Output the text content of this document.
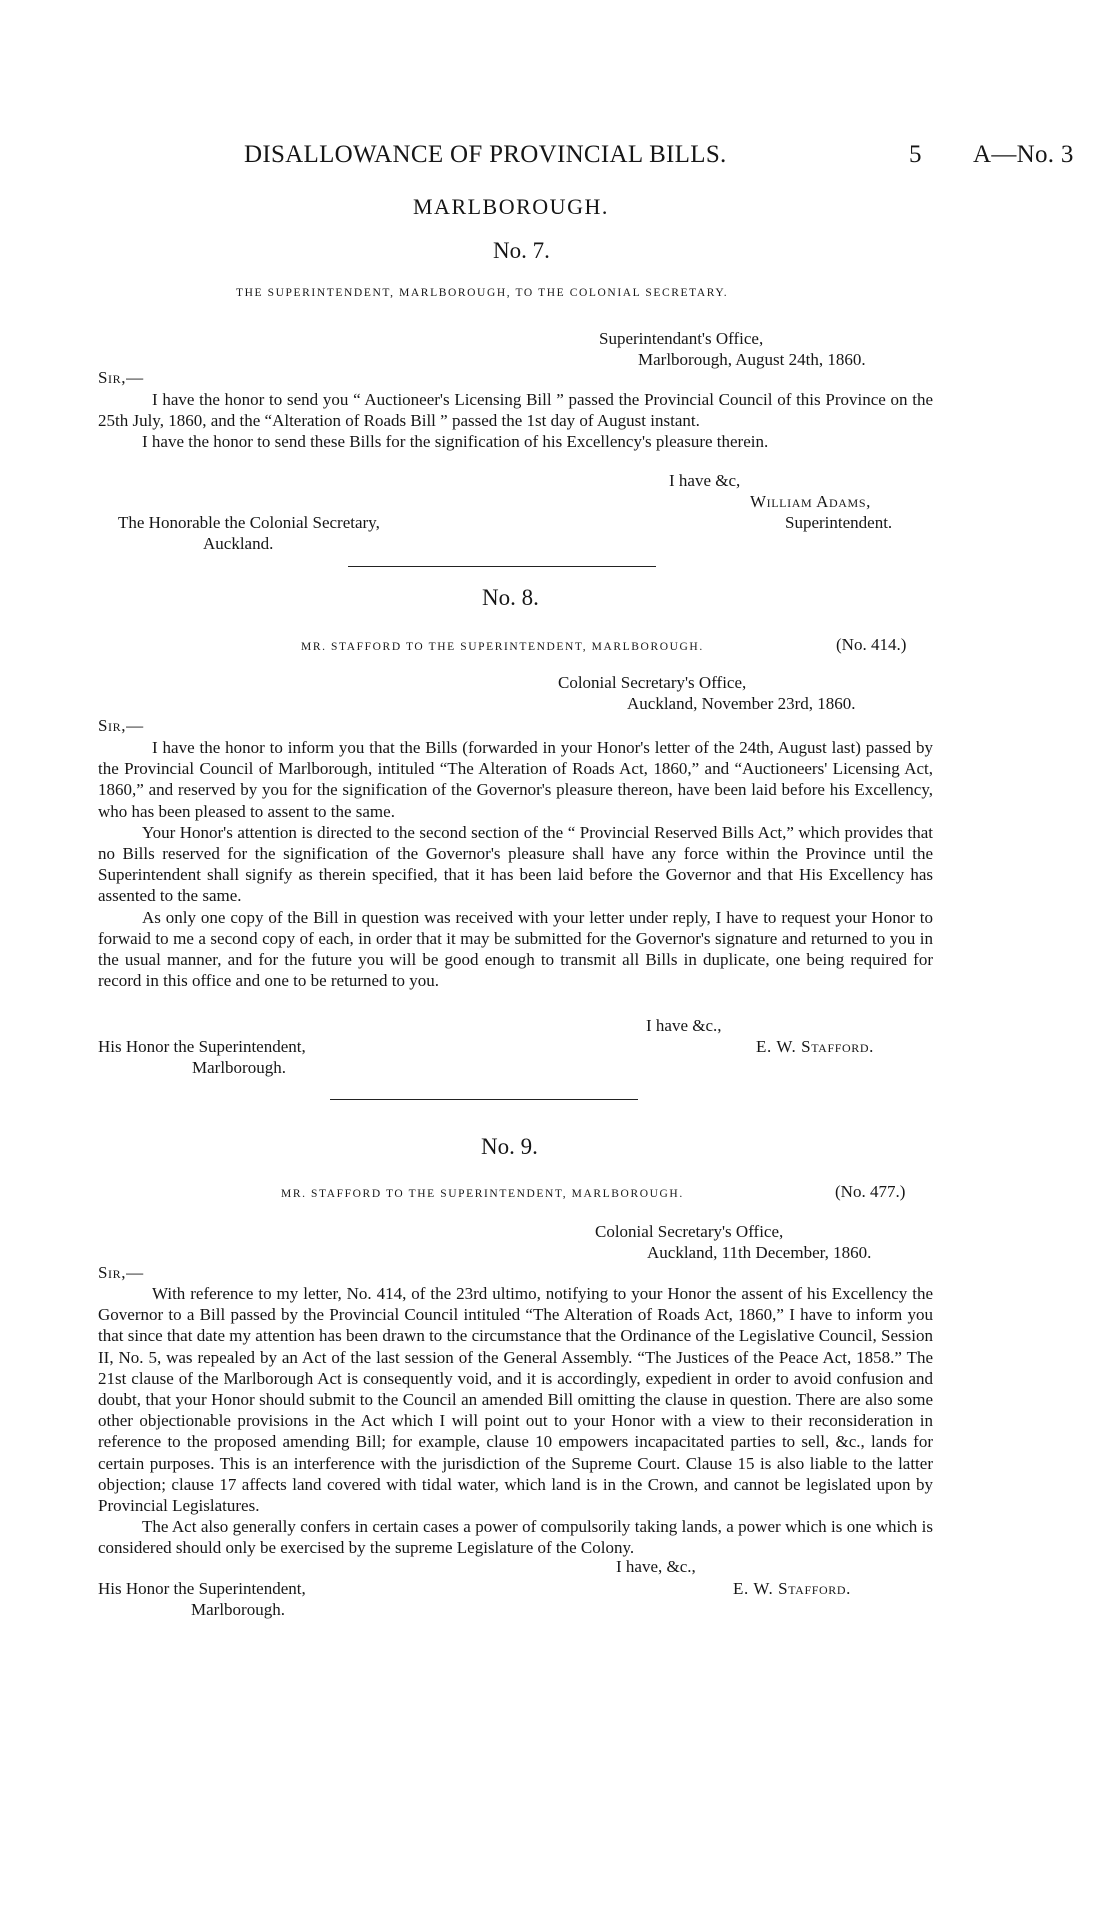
DISALLOWANCE OF PROVINCIAL BILLS.	5 A—No. 3
MARLBOROUGH.
No. 7.
THE SUPERINTENDENT, MARLBOROUGH, TO THE COLONIAL SECRETARY.
Superintendant's Office,
Marlborough, August 24th, 1860.
Sir,—

I have the honor to send you “ Auctioneer's Licensing Bill ” passed the Provincial Council of this Province on the 25th July, 1860, and the “Alteration of Roads Bill ” passed the 1st day of August instant.

I have the honor to send these Bills for the signification of his Excellency's pleasure therein.

I have &c,
William Adams,
Superintendent.
The Honorable the Colonial Secretary,
Auckland.
No. 8.
MR. STAFFORD TO THE SUPERINTENDENT, MARLBOROUGH.	(No. 414.)
Colonial Secretary's Office,
Auckland, November 23rd, 1860.
Sir,—

I have the honor to inform you that the Bills (forwarded in your Honor's letter of the 24th, August last) passed by the Provincial Council of Marlborough, intituled “The Alteration of Roads Act, 1860,” and “Auctioneers' Licensing Act, 1860,” and reserved by you for the signification of the Governor's pleasure thereon, have been laid before his Excellency, who has been pleased to assent to the same.

Your Honor's attention is directed to the second section of the “ Provincial Reserved Bills Act,” which provides that no Bills reserved for the signification of the Governor's pleasure shall have any force within the Province until the Superintendent shall signify as therein specified, that it has been laid before the Governor and that His Excellency has assented to the same.

As only one copy of the Bill in question was received with your letter under reply, I have to request your Honor to forwaid to me a second copy of each, in order that it may be submitted for the Governor's signature and returned to you in the usual manner, and for the future you will be good enough to transmit all Bills in duplicate, one being required for record in this office and one to be returned to you.

I have &c.,
E. W. Stafford.
His Honor the Superintendent,
Marlborough.
No. 9.
MR. STAFFORD TO THE SUPERINTENDENT, MARLBOROUGH.	(No. 477.)
Colonial Secretary's Office,
Auckland, 11th December, 1860.
Sir,—

With reference to my letter, No. 414, of the 23rd ultimo, notifying to your Honor the assent of his Excellency the Governor to a Bill passed by the Provincial Council intituled “The Alteration of Roads Act, 1860,” I have to inform you that since that date my attention has been drawn to the circumstance that the Ordinance of the Legislative Council, Session II, No. 5, was repealed by an Act of the last session of the General Assembly. “The Justices of the Peace Act, 1858.” The 21st clause of the Marlborough Act is consequently void, and it is accordingly, expedient in order to avoid confusion and doubt, that your Honor should submit to the Council an amended Bill omitting the clause in question. There are also some other objectionable provisions in the Act which I will point out to your Honor with a view to their reconsideration in reference to the proposed amending Bill; for example, clause 10 empowers incapacitated parties to sell, &c., lands for certain purposes. This is an interference with the jurisdiction of the Supreme Court. Clause 15 is also liable to the latter objection; clause 17 affects land covered with tidal water, which land is in the Crown, and cannot be legislated upon by Provincial Legislatures.

The Act also generally confers in certain cases a power of compulsorily taking lands, a power which is one which is considered should only be exercised by the supreme Legislature of the Colony.

I have, &c.,
E. W. Stafford.
His Honor the Superintendent,
Marlborough.
